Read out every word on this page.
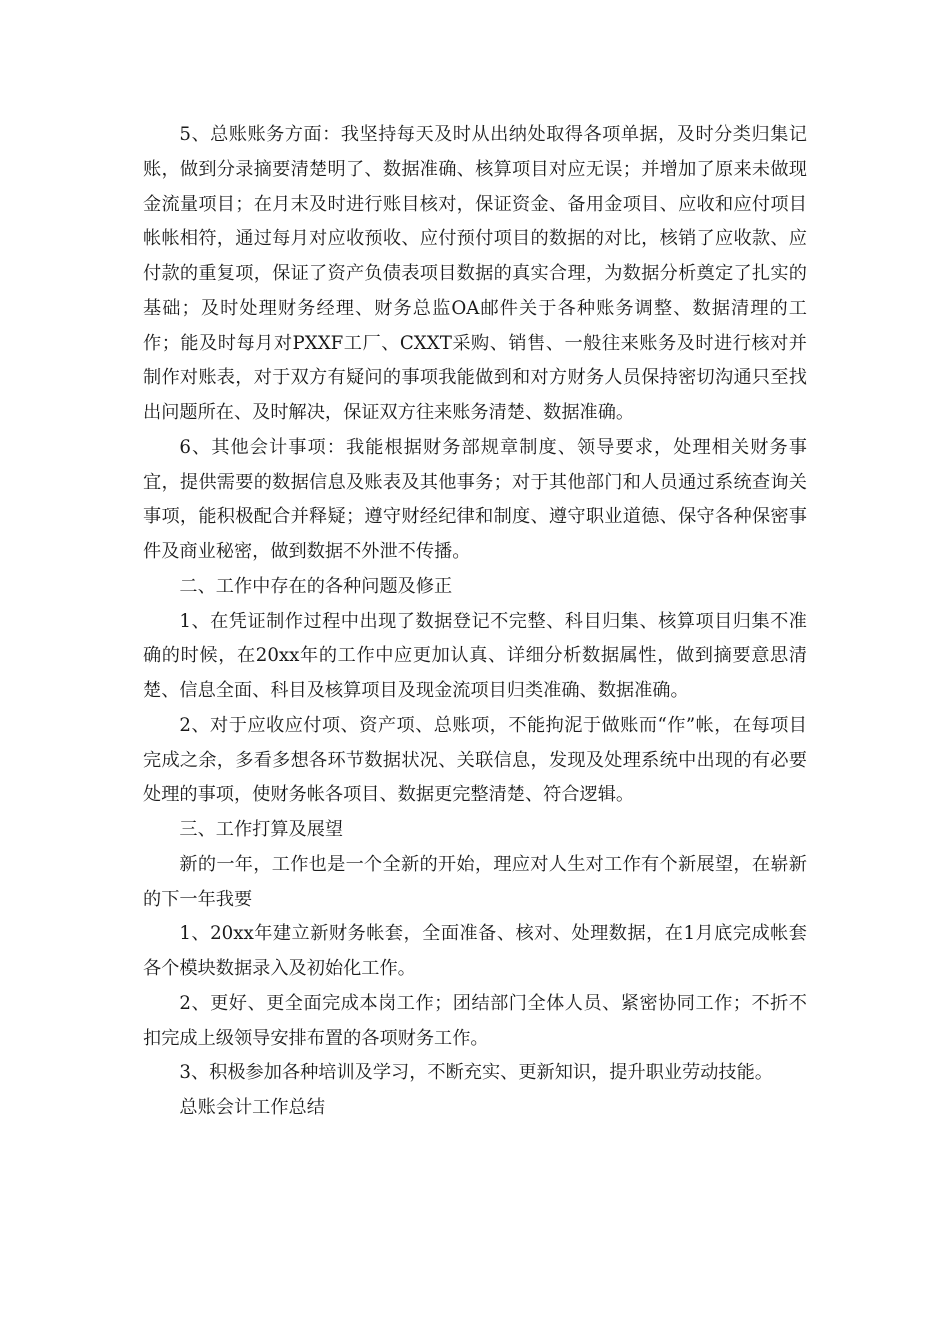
5、总账账务方面：我坚持每天及时从出纳处取得各项单据，及时分类归集记账，做到分录摘要清楚明了、数据准确、核算项目对应无误；并增加了原来未做现金流量项目；在月末及时进行账目核对，保证资金、备用金项目、应收和应付项目帐帐相符，通过每月对应收预收、应付预付项目的数据的对比，核销了应收款、应付款的重复项，保证了资产负债表项目数据的真实合理，为数据分析奠定了扎实的基础；及时处理财务经理、财务总监OA邮件关于各种账务调整、数据清理的工作；能及时每月对PXXF工厂、CXXT采购、销售、一般往来账务及时进行核对并制作对账表，对于双方有疑问的事项我能做到和对方财务人员保持密切沟通只至找出问题所在、及时解决，保证双方往来账务清楚、数据准确。

6、其他会计事项：我能根据财务部规章制度、领导要求，处理相关财务事宜，提供需要的数据信息及账表及其他事务；对于其他部门和人员通过系统查询关事项，能积极配合并释疑；遵守财经纪律和制度、遵守职业道德、保守各种保密事件及商业秘密，做到数据不外泄不传播。

二、工作中存在的各种问题及修正

1、在凭证制作过程中出现了数据登记不完整、科目归集、核算项目归集不准确的时候，在20xx年的工作中应更加认真、详细分析数据属性，做到摘要意思清楚、信息全面、科目及核算项目及现金流项目归类准确、数据准确。

2、对于应收应付项、资产项、总账项，不能拘泥于做账而“作”帐，在每项目完成之余，多看多想各环节数据状况、关联信息，发现及处理系统中出现的有必要处理的事项，使财务帐各项目、数据更完整清楚、符合逻辑。

三、工作打算及展望

新的一年，工作也是一个全新的开始，理应对人生对工作有个新展望，在崭新的下一年我要

1、20xx年建立新财务帐套，全面准备、核对、处理数据，在1月底完成帐套各个模块数据录入及初始化工作。

2、更好、更全面完成本岗工作；团结部门全体人员、紧密协同工作；不折不扣完成上级领导安排布置的各项财务工作。

3、积极参加各种培训及学习，不断充实、更新知识，提升职业劳动技能。

总账会计工作总结
